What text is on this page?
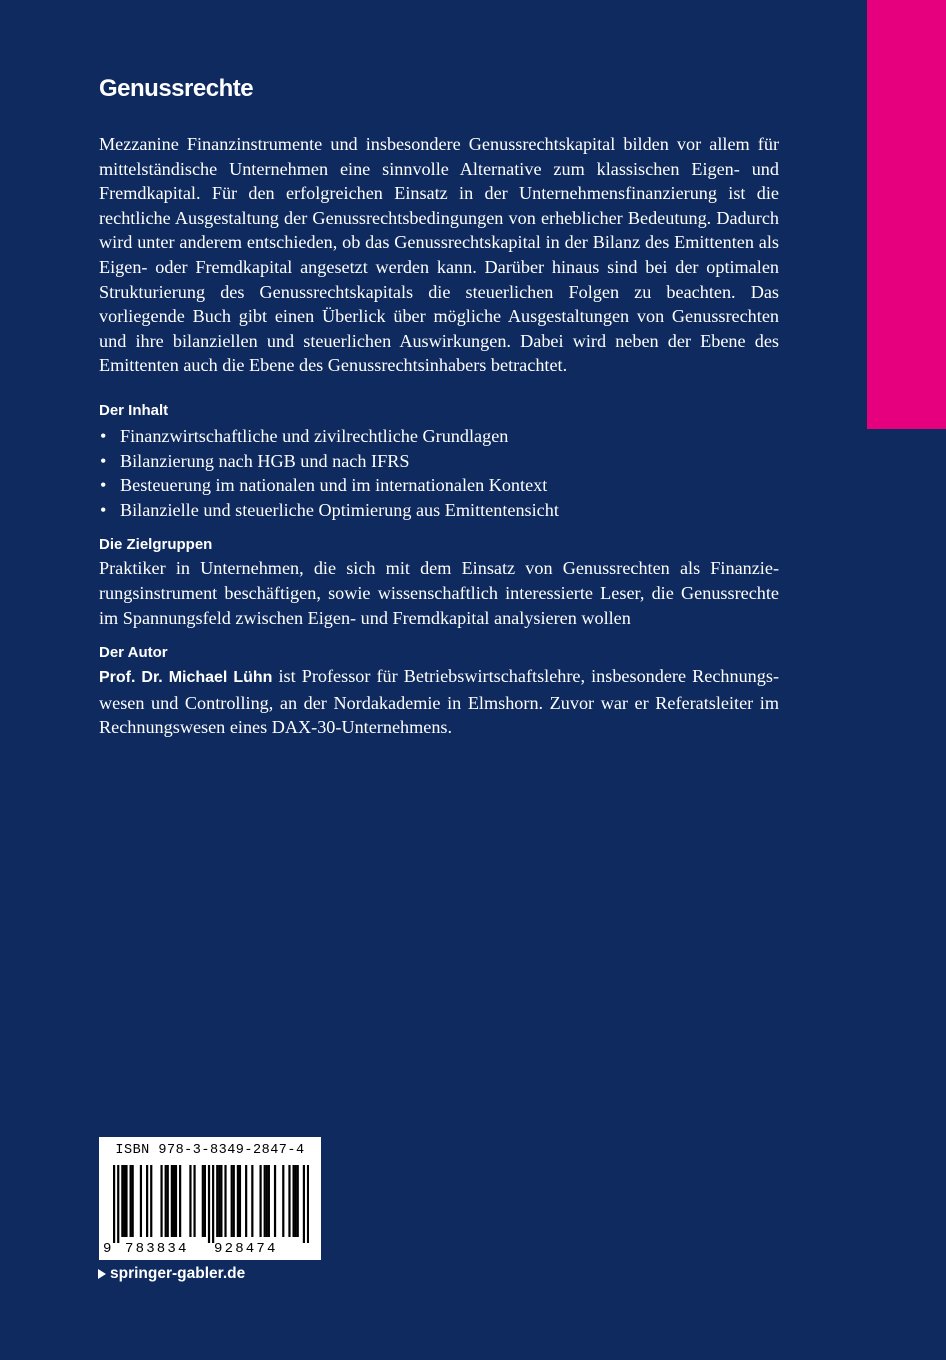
Genussrechte

Mezzanine Finanzinstrumente und insbesondere Genussrechtskapital bilden vor allem für mittelständische Unternehmen eine sinnvolle Alternative zum klassischen Eigen- und Fremdkapital. Für den erfolgreichen Einsatz in der Unternehmensfinanzierung ist die rechtliche Ausgestaltung der Genussrechtsbedingungen von erheblicher Bedeutung. Dadurch wird unter anderem entschieden, ob das Genussrechtskapital in der Bilanz des Emittenten als Eigen- oder Fremdkapital angesetzt werden kann. Darüber hinaus sind bei der optimalen Strukturierung des Genussrechtskapitals die steuerlichen Folgen zu beachten. Das vorliegende Buch gibt einen Überlick über mögliche Ausgestaltungen von Genussrechten und ihre bilanziellen und steuerlichen Auswirkungen. Dabei wird neben der Ebene des Emittenten auch die Ebene des Genussrechtsinhabers betrachtet.

Der Inhalt
• Finanzwirtschaftliche und zivilrechtliche Grundlagen
• Bilanzierung nach HGB und nach IFRS
• Besteuerung im nationalen und im internationalen Kontext
• Bilanzielle und steuerliche Optimierung aus Emittentensicht
Die Zielgruppen

Praktiker in Unternehmen, die sich mit dem Einsatz von Genussrechten als Finanzierungsinstrument beschäftigen, sowie wissenschaftlich interessierte Leser, die Genussrechte im Spannungsfeld zwischen Eigen- und Fremdkapital analysieren wollen

Der Autor

Prof. Dr. Michael Lühn ist Professor für Betriebswirtschaftslehre, insbesondere Rechnungswesen und Controlling, an der Nordakademie in Elmshorn. Zuvor war er Referatsleiter im Rechnungswesen eines DAX-30-Unternehmens.

ISBN 978-3-8349-2847-4
9 783834 928474
springer-gabler.de
